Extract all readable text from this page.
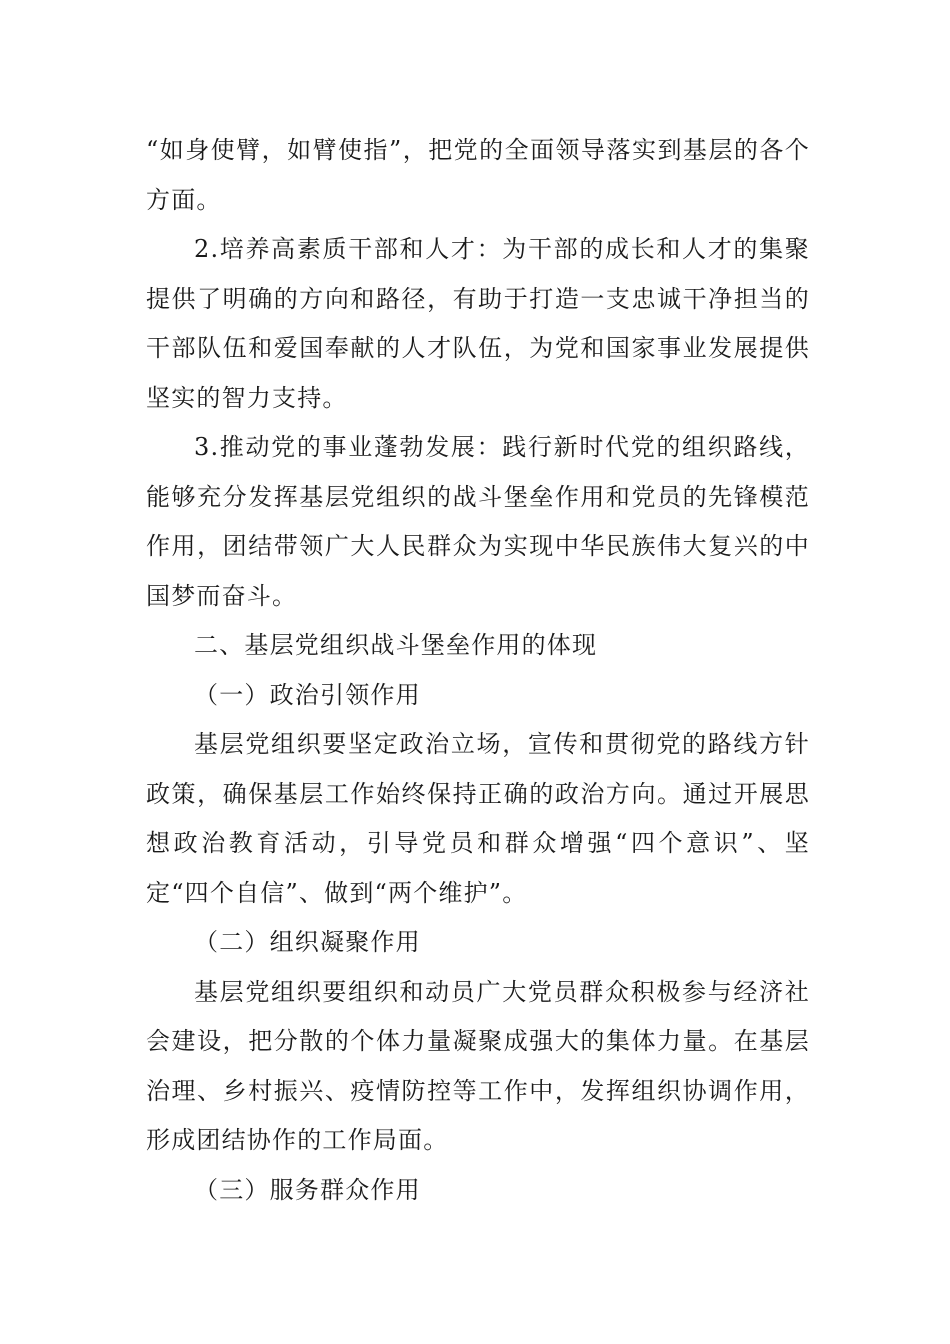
“如身使臂，如臂使指”，把党的全面领导落实到基层的各个方面。

2.培养高素质干部和人才：为干部的成长和人才的集聚提供了明确的方向和路径，有助于打造一支忠诚干净担当的干部队伍和爱国奉献的人才队伍，为党和国家事业发展提供坚实的智力支持。

3.推动党的事业蓬勃发展：践行新时代党的组织路线，能够充分发挥基层党组织的战斗堡垒作用和党员的先锋模范作用，团结带领广大人民群众为实现中华民族伟大复兴的中国梦而奋斗。

二、基层党组织战斗堡垒作用的体现

（一）政治引领作用

基层党组织要坚定政治立场，宣传和贯彻党的路线方针政策，确保基层工作始终保持正确的政治方向。通过开展思想政治教育活动，引导党员和群众增强“四个意识”、坚定“四个自信”、做到“两个维护”。

（二）组织凝聚作用

基层党组织要组织和动员广大党员群众积极参与经济社会建设，把分散的个体力量凝聚成强大的集体力量。在基层治理、乡村振兴、疫情防控等工作中，发挥组织协调作用，形成团结协作的工作局面。

（三）服务群众作用
